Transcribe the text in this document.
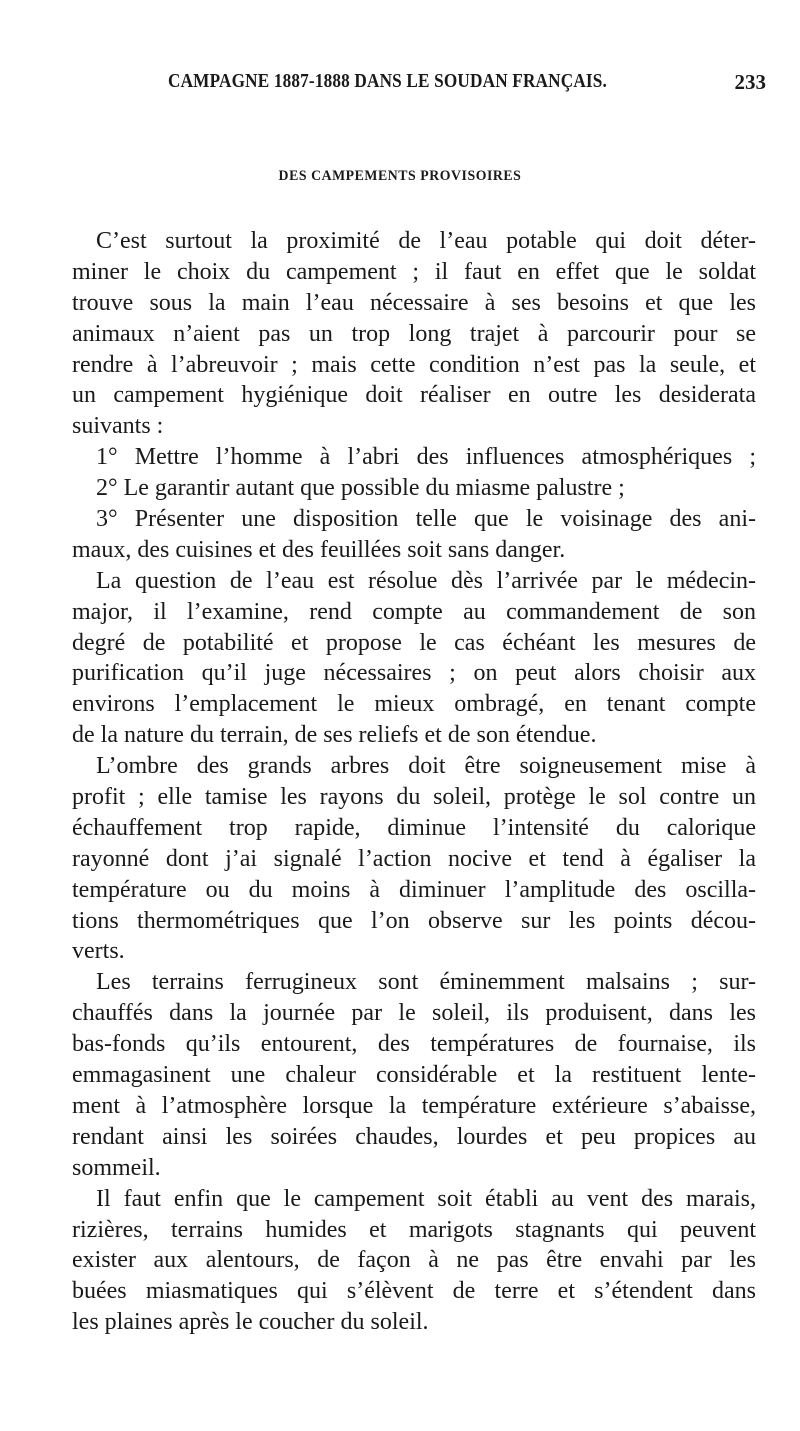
CAMPAGNE 1887-1888 DANS LE SOUDAN FRANÇAIS.	233
DES CAMPEMENTS PROVISOIRES
C’est surtout la proximité de l’eau potable qui doit déter-
miner le choix du campement ; il faut en effet que le soldat
trouve sous la main l’eau nécessaire à ses besoins et que les
animaux n’aient pas un trop long trajet à parcourir pour se
rendre à l’abreuvoir ; mais cette condition n’est pas la seule, et
un campement hygiénique doit réaliser en outre les desiderata
suivants :
1° Mettre l’homme à l’abri des influences atmosphériques ;
2° Le garantir autant que possible du miasme palustre ;
3° Présenter une disposition telle que le voisinage des ani-
maux, des cuisines et des feuillées soit sans danger.
La question de l’eau est résolue dès l’arrivée par le médecin-
major, il l’examine, rend compte au commandement de son
degré de potabilité et propose le cas échéant les mesures de
purification qu’il juge nécessaires ; on peut alors choisir aux
environs l’emplacement le mieux ombragé, en tenant compte
de la nature du terrain, de ses reliefs et de son étendue.
L’ombre des grands arbres doit être soigneusement mise à
profit ; elle tamise les rayons du soleil, protège le sol contre un
échauffement trop rapide, diminue l’intensité du calorique
rayonné dont j’ai signalé l’action nocive et tend à égaliser la
température ou du moins à diminuer l’amplitude des oscilla-
tions thermométriques que l’on observe sur les points décou-
verts.
Les terrains ferrugineux sont éminemment malsains ; sur-
chauffés dans la journée par le soleil, ils produisent, dans les
bas-fonds qu’ils entourent, des températures de fournaise, ils
emmagasinent une chaleur considérable et la restituent lente-
ment à l’atmosphère lorsque la température extérieure s’abaisse,
rendant ainsi les soirées chaudes, lourdes et peu propices au
sommeil.
Il faut enfin que le campement soit établi au vent des marais,
rizières, terrains humides et marigots stagnants qui peuvent
exister aux alentours, de façon à ne pas être envahi par les
buées miasmatiques qui s’élèvent de terre et s’étendent dans
les plaines après le coucher du soleil.
